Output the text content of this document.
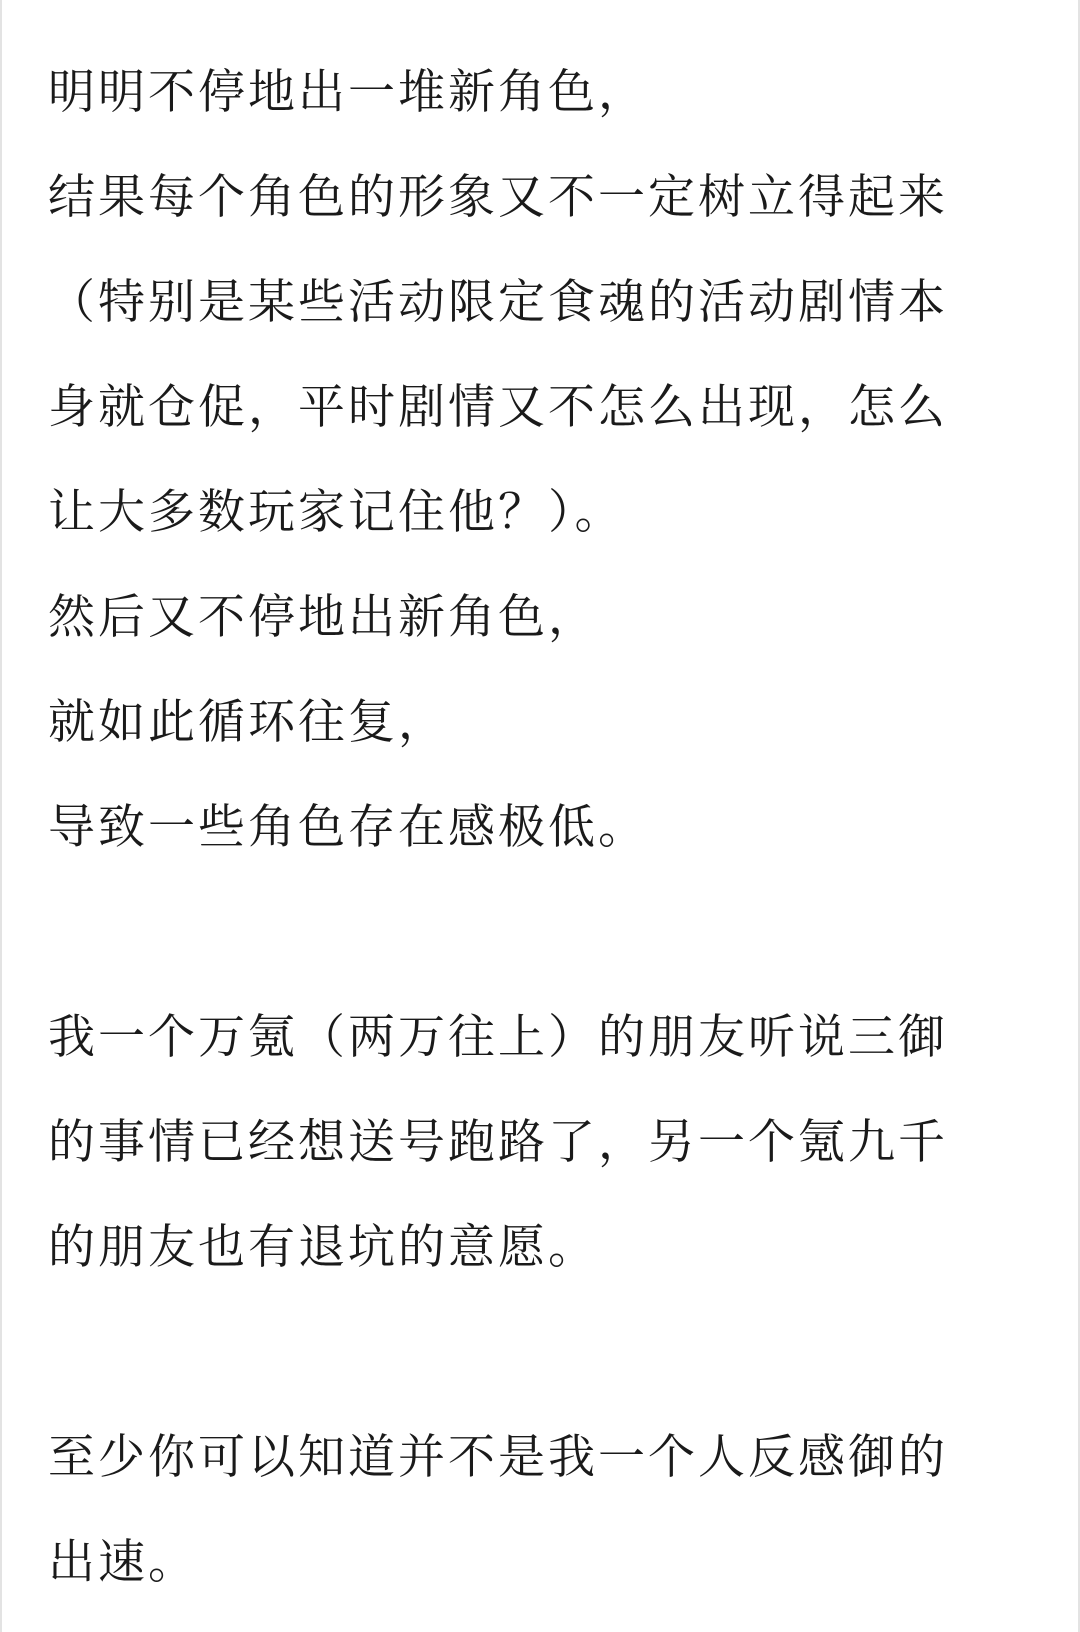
明明不停地出一堆新角色，
结果每个角色的形象又不一定树立得起来
（特别是某些活动限定食魂的活动剧情本
身就仓促，平时剧情又不怎么出现，怎么
让大多数玩家记住他？）。
然后又不停地出新角色，
就如此循环往复，
导致一些角色存在感极低。
我一个万氪（两万往上）的朋友听说三御
的事情已经想送号跑路了，另一个氪九千
的朋友也有退坑的意愿。
至少你可以知道并不是我一个人反感御的
出速。
